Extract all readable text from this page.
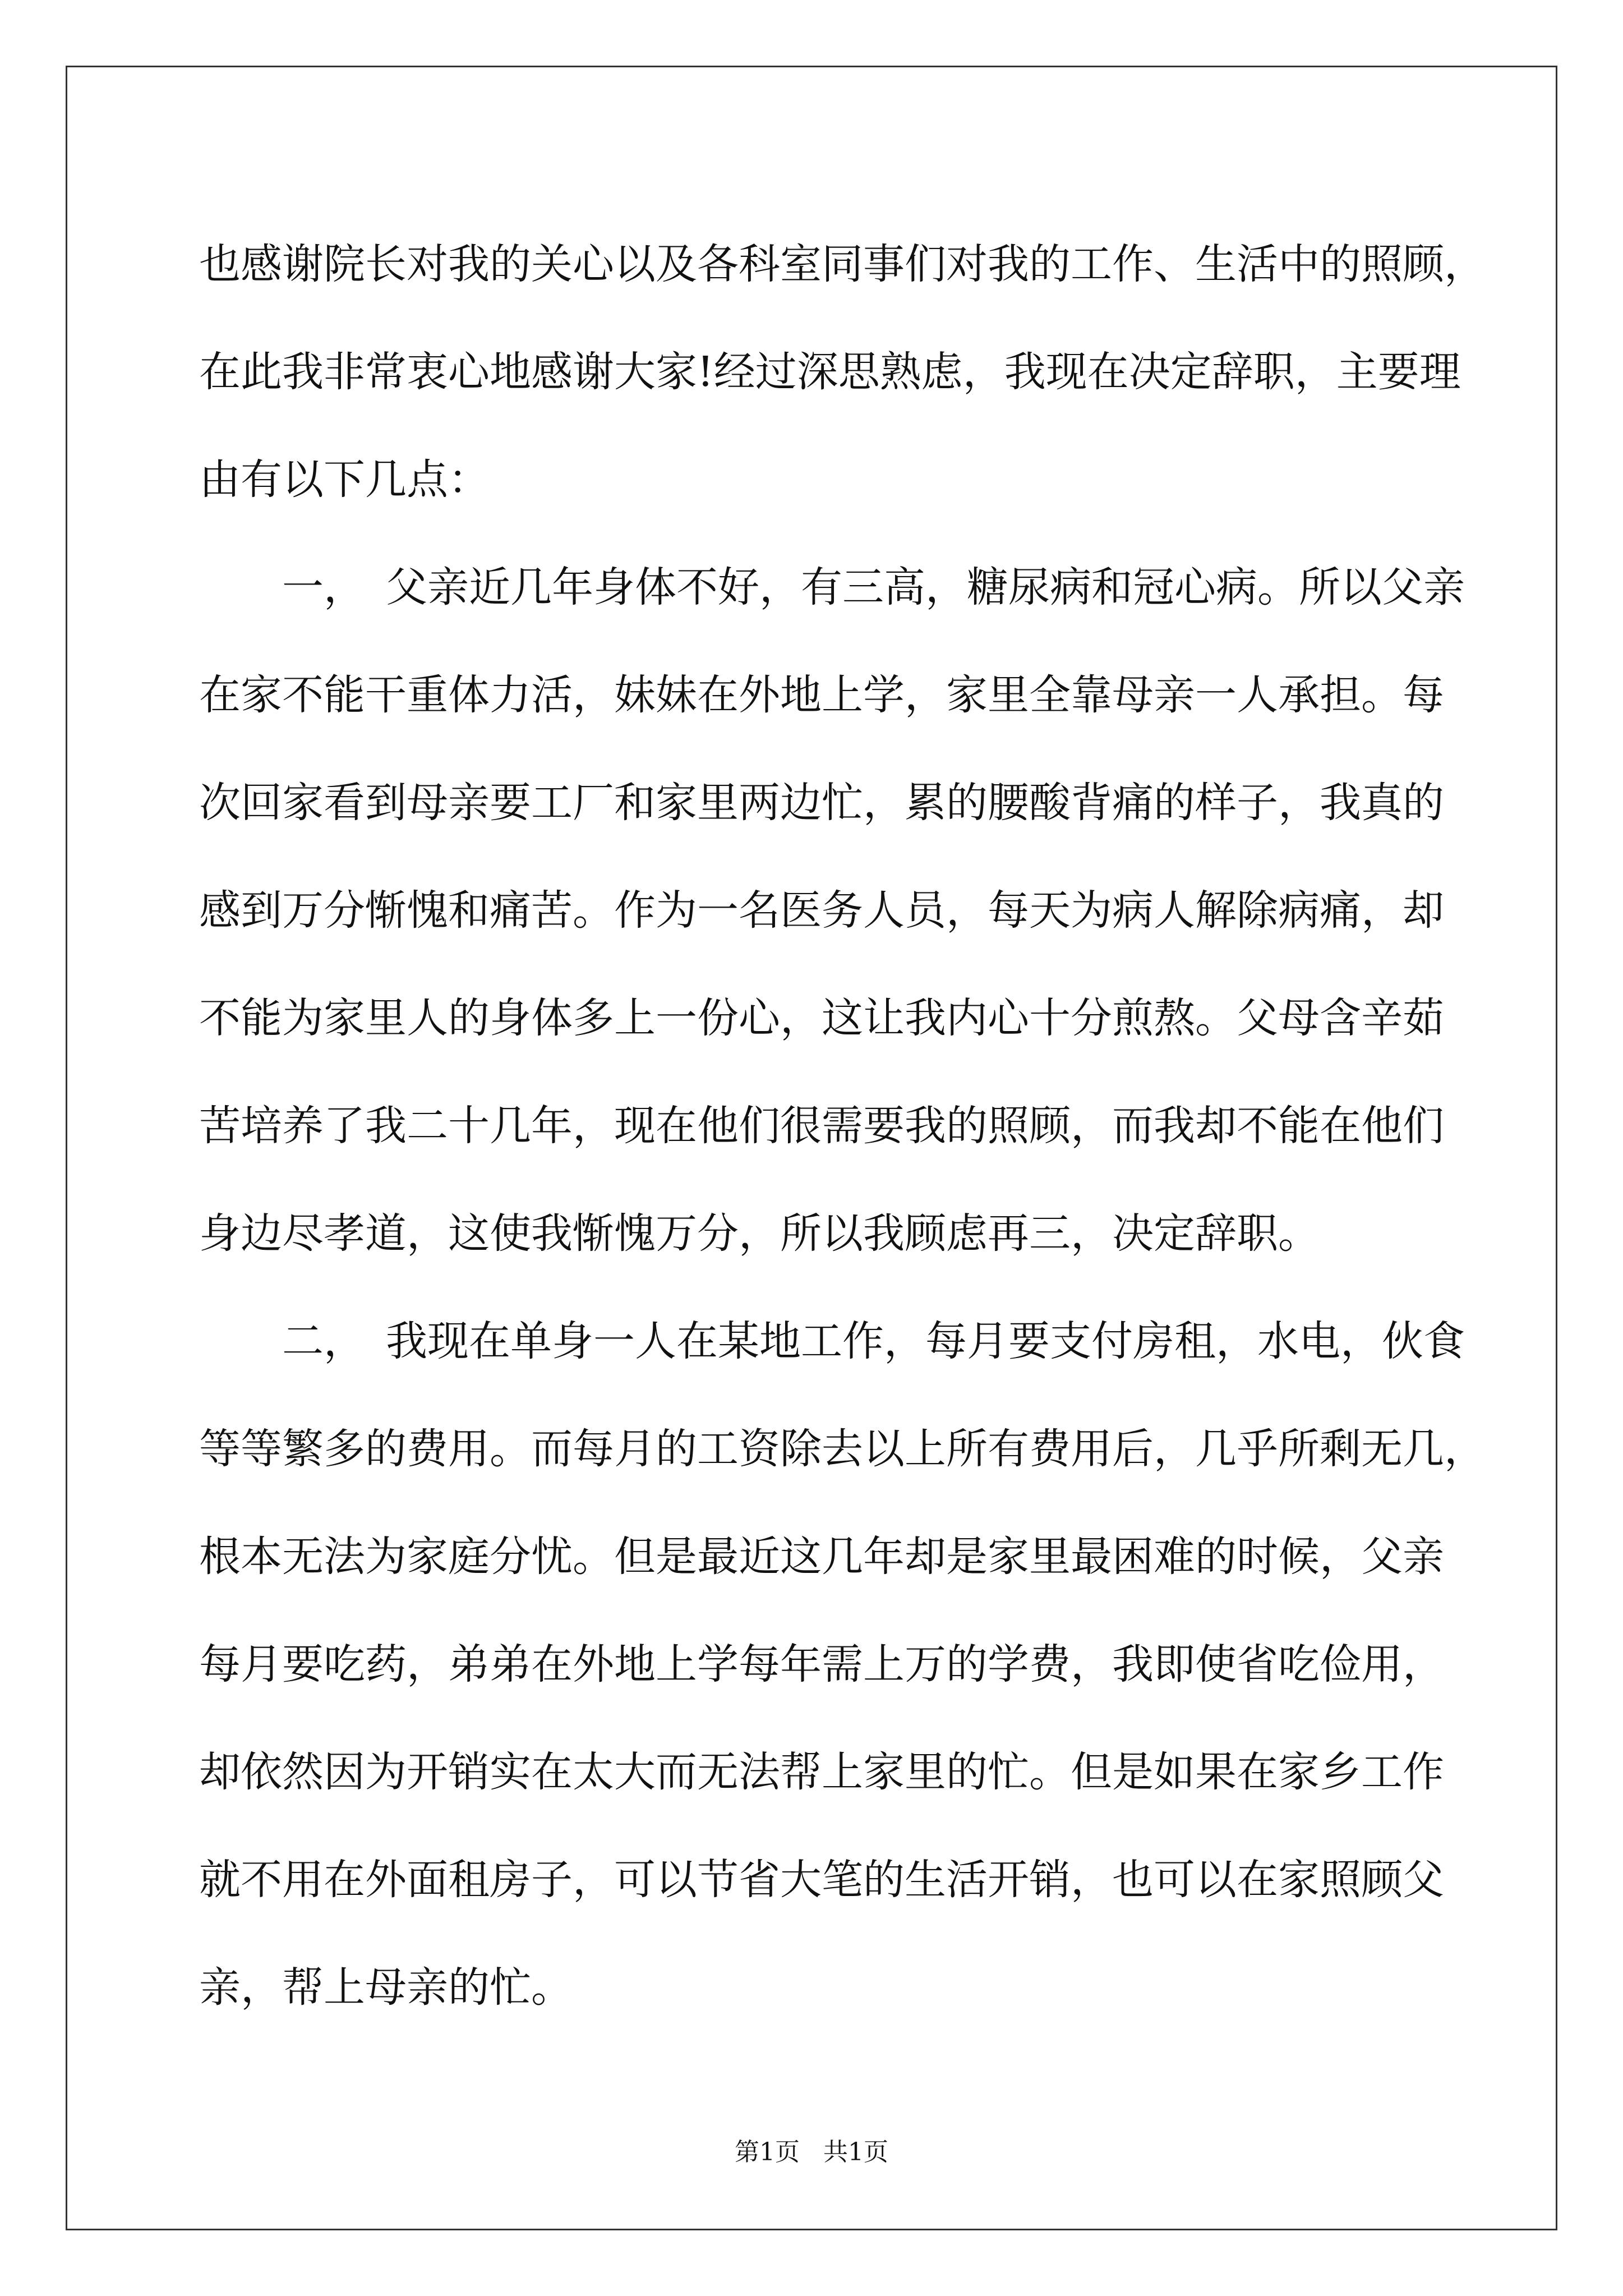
也感谢院长对我的关心以及各科室同事们对我的工作、生活中的照顾，
在此我非常衷心地感谢大家!经过深思熟虑，我现在决定辞职，主要理
由有以下几点：
　　一，　父亲近几年身体不好，有三高，糖尿病和冠心病。所以父亲
在家不能干重体力活，妹妹在外地上学，家里全靠母亲一人承担。每
次回家看到母亲要工厂和家里两边忙，累的腰酸背痛的样子，我真的
感到万分惭愧和痛苦。作为一名医务人员，每天为病人解除病痛，却
不能为家里人的身体多上一份心，这让我内心十分煎熬。父母含辛茹
苦培养了我二十几年，现在他们很需要我的照顾，而我却不能在他们
身边尽孝道，这使我惭愧万分，所以我顾虑再三，决定辞职。
　　二，　我现在单身一人在某地工作，每月要支付房租，水电，伙食
等等繁多的费用。而每月的工资除去以上所有费用后，几乎所剩无几，
根本无法为家庭分忧。但是最近这几年却是家里最困难的时候，父亲
每月要吃药，弟弟在外地上学每年需上万的学费，我即使省吃俭用，
却依然因为开销实在太大而无法帮上家里的忙。但是如果在家乡工作
就不用在外面租房子，可以节省大笔的生活开销，也可以在家照顾父
亲，帮上母亲的忙。
第1页   共1页
